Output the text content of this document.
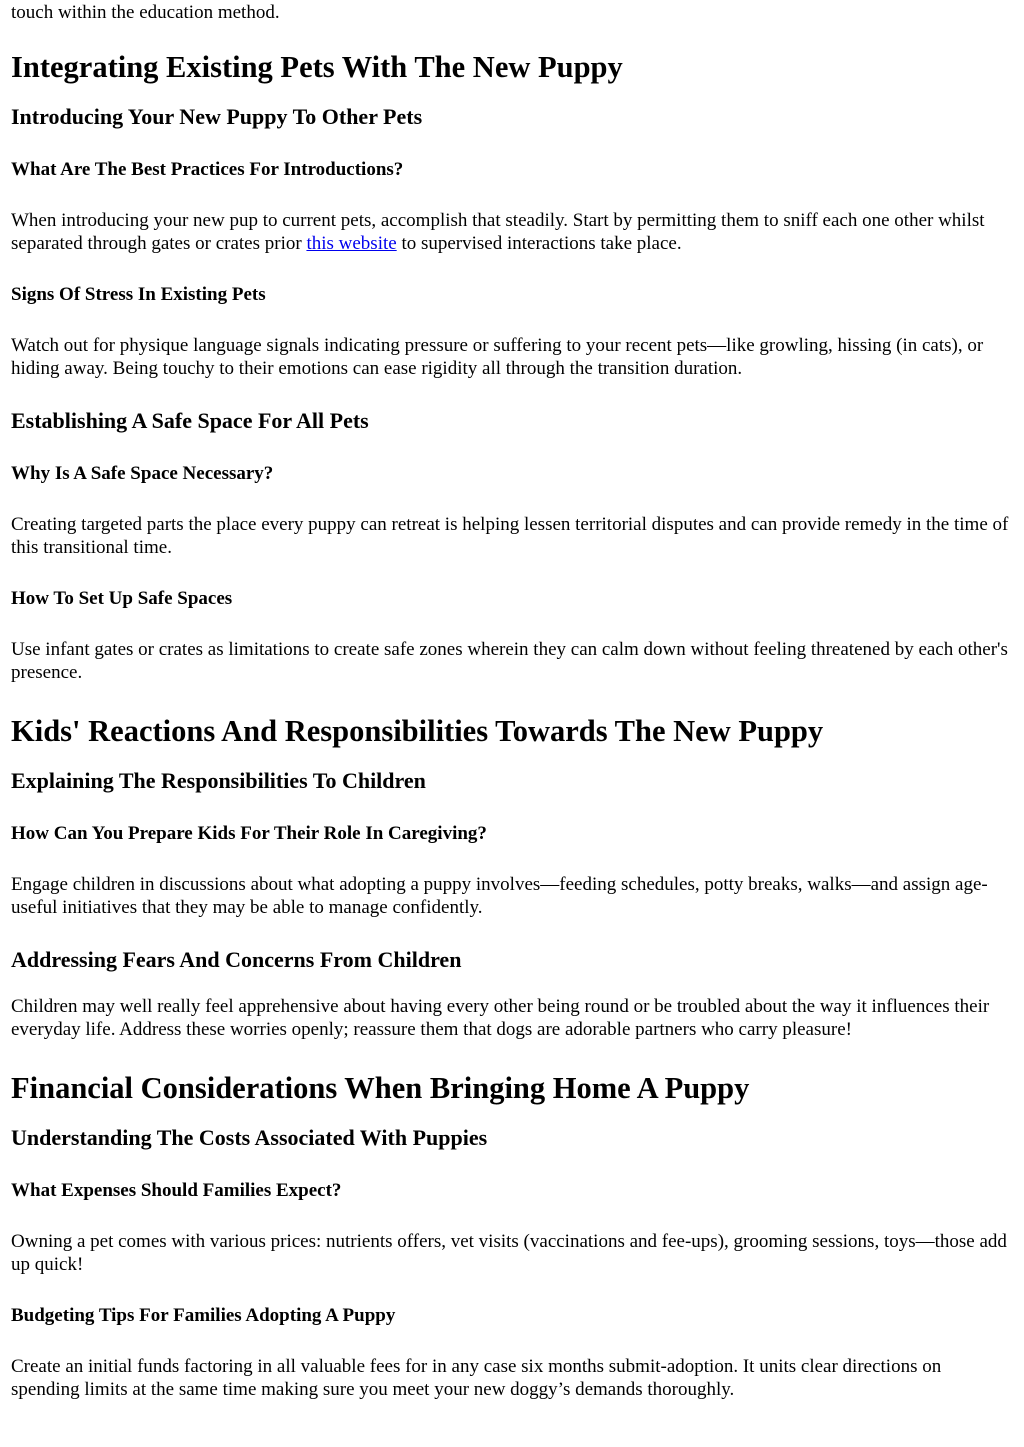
touch within the education method.

Integrating Existing Pets With The New Puppy
Introducing Your New Puppy To Other Pets
What Are The Best Practices For Introductions?

When introducing your new pup to current pets, accomplish that steadily. Start by permitting them to sniff each one other whilst separated through gates or crates prior this website to supervised interactions take place.

Signs Of Stress In Existing Pets

Watch out for physique language signals indicating pressure or suffering to your recent pets—like growling, hissing (in cats), or hiding away. Being touchy to their emotions can ease rigidity all through the transition duration.

Establishing A Safe Space For All Pets
Why Is A Safe Space Necessary?

Creating targeted parts the place every puppy can retreat is helping lessen territorial disputes and can provide remedy in the time of this transitional time.

How To Set Up Safe Spaces

Use infant gates or crates as limitations to create safe zones wherein they can calm down without feeling threatened by each other's presence.

Kids' Reactions And Responsibilities Towards The New Puppy
Explaining The Responsibilities To Children
How Can You Prepare Kids For Their Role In Caregiving?

Engage children in discussions about what adopting a puppy involves—feeding schedules, potty breaks, walks—and assign age-useful initiatives that they may be able to manage confidently.

Addressing Fears And Concerns From Children

Children may well really feel apprehensive about having every other being round or be troubled about the way it influences their everyday life. Address these worries openly; reassure them that dogs are adorable partners who carry pleasure!

Financial Considerations When Bringing Home A Puppy
Understanding The Costs Associated With Puppies
What Expenses Should Families Expect?

Owning a pet comes with various prices: nutrients offers, vet visits (vaccinations and fee-ups), grooming sessions, toys—those add up quick!

Budgeting Tips For Families Adopting A Puppy

Create an initial funds factoring in all valuable fees for in any case six months submit-adoption. It units clear directions on spending limits at the same time making sure you meet your new doggy’s demands thoroughly.
